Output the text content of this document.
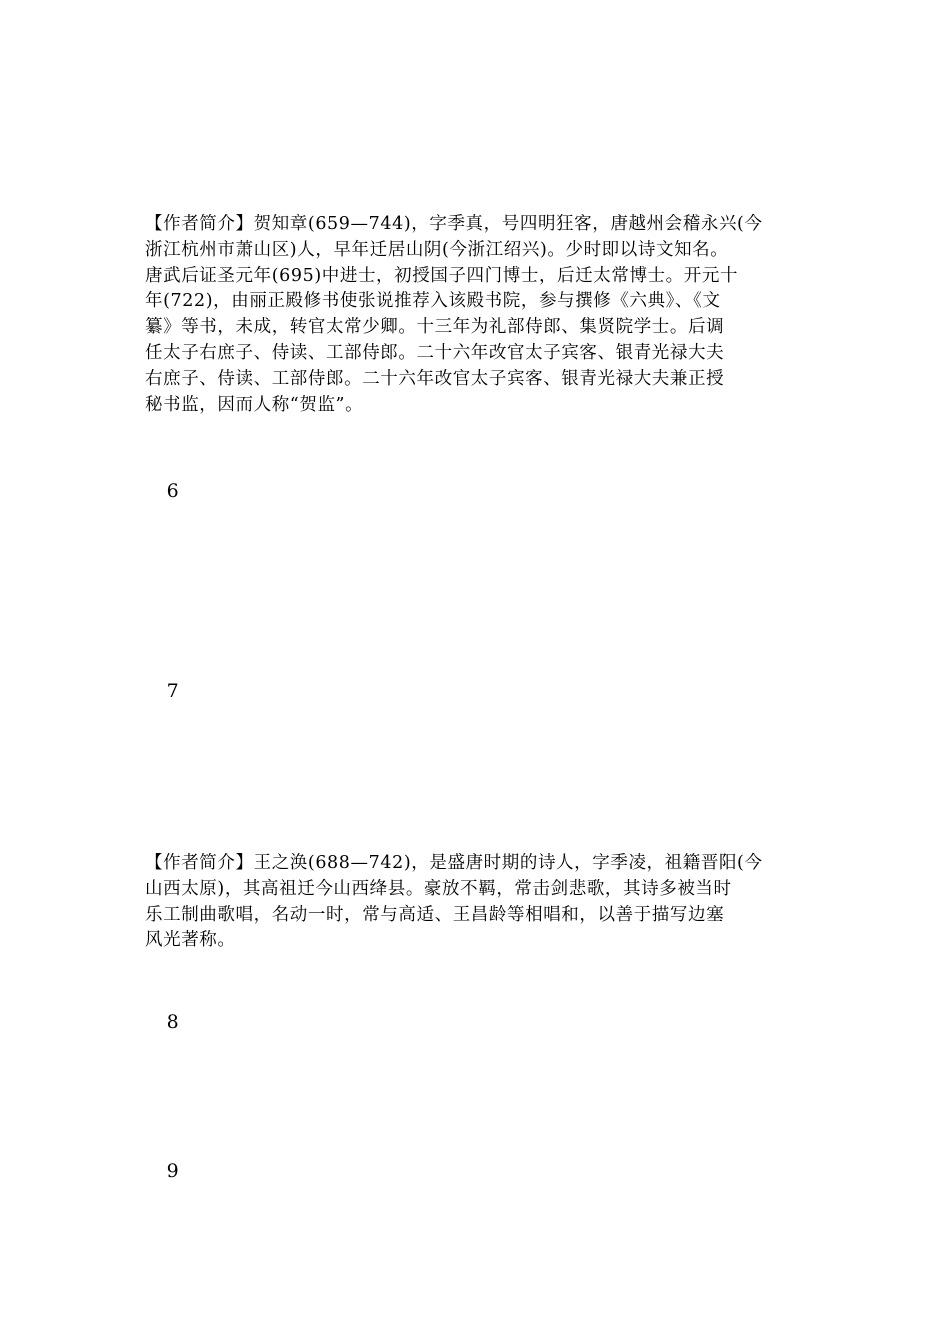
【作者简介】贺知章(659—744)，字季真，号四明狂客，唐越州会稽永兴(今

浙江杭州市萧山区)人，早年迁居山阴(今浙江绍兴)。少时即以诗文知名。

唐武后证圣元年(695)中进士，初授国子四门博士，后迁太常博士。开元十

年(722)，由丽正殿修书使张说推荐入该殿书院，参与撰修《六典》、《文

纂》等书，未成，转官太常少卿。十三年为礼部侍郎、集贤院学士。后调

任太子右庶子、侍读、工部侍郎。二十六年改官太子宾客、银青光禄大夫

右庶子、侍读、工部侍郎。二十六年改官太子宾客、银青光禄大夫兼正授

秘书监，因而人称“贺监”。

6

7

【作者简介】王之涣(688—742)，是盛唐时期的诗人，字季凌，祖籍晋阳(今

山西太原)，其高祖迁今山西绛县。豪放不羁，常击剑悲歌，其诗多被当时

乐工制曲歌唱，名动一时，常与高适、王昌龄等相唱和，以善于描写边塞

风光著称。

8

9
